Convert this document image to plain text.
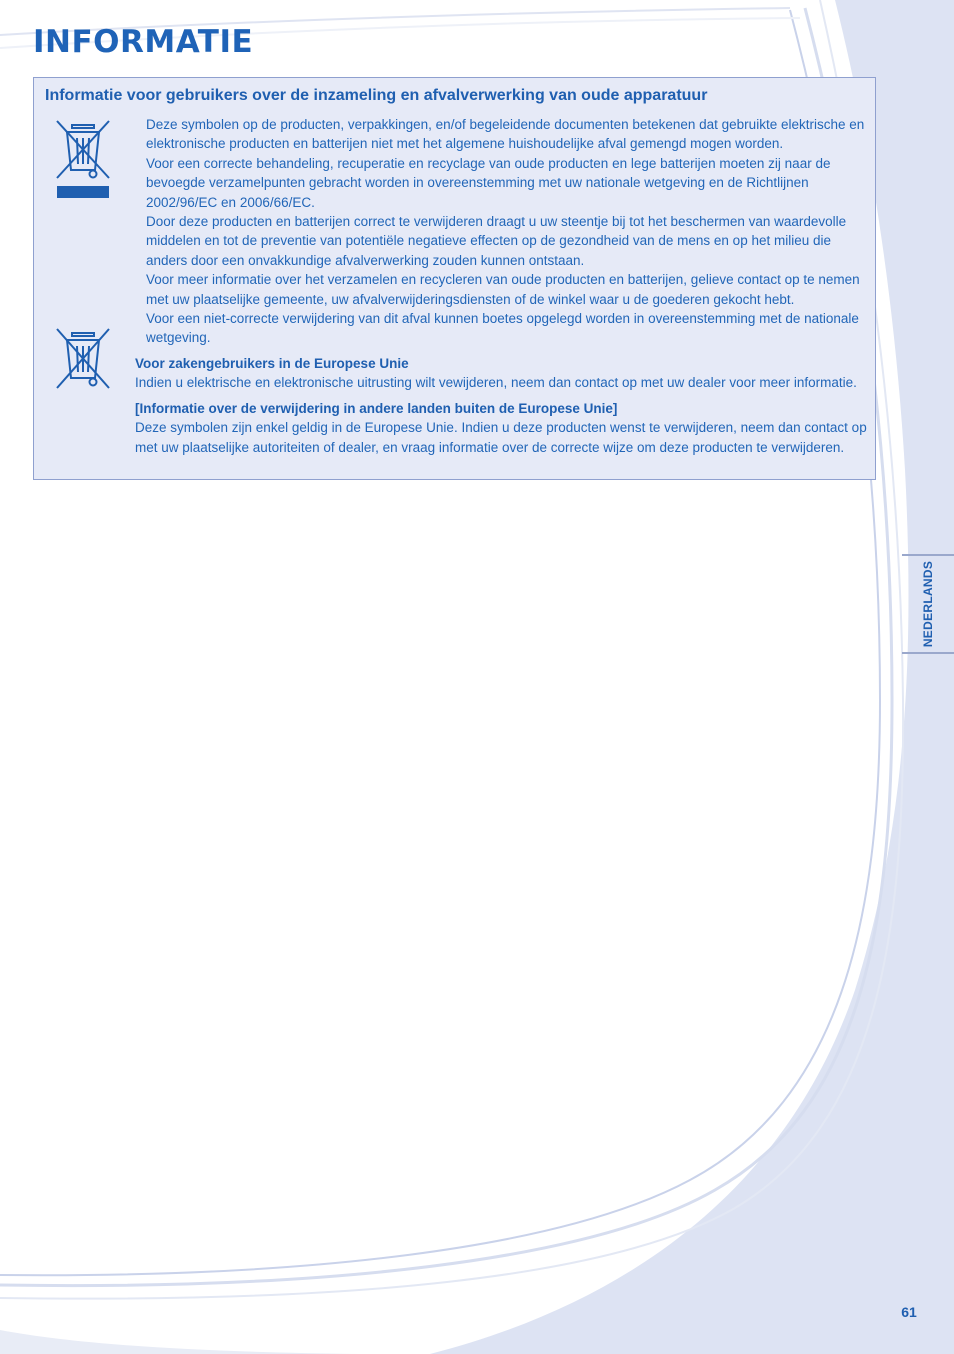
INFORMATIE
Informatie voor gebruikers over de inzameling en afvalverwerking van oude apparatuur

Deze symbolen op de producten, verpakkingen, en/of begeleidende documenten betekenen dat gebruikte elektrische en elektronische producten en batterijen niet met het algemene huishoudelijke afval gemengd mogen worden.

Voor een correcte behandeling, recuperatie en recyclage van oude producten en lege batterijen moeten zij naar de bevoegde verzamelpunten gebracht worden in overeenstemming met uw nationale wetgeving en de Richtlijnen 2002/96/EC en 2006/66/EC.

Door deze producten en batterijen correct te verwijderen draagt u uw steentje bij tot het beschermen van waardevolle middelen en tot de preventie van potentiële negatieve effecten op de gezondheid van de mens en op het milieu die anders door een onvakkundige afvalverwerking zouden kunnen ontstaan.

Voor meer informatie over het verzamelen en recycleren van oude producten en batterijen, gelieve contact op te nemen met uw plaatselijke gemeente, uw afvalverwijderingsdiensten of de winkel waar u de goederen gekocht hebt.

Voor een niet-correcte verwijdering van dit afval kunnen boetes opgelegd worden in overeenstemming met de nationale wetgeving.

Voor zakengebruikers in de Europese Unie

Indien u elektrische en elektronische uitrusting wilt vewijderen, neem dan contact op met uw dealer voor meer informatie.

[Informatie over de verwijdering in andere landen buiten de Europese Unie]

Deze symbolen zijn enkel geldig in de Europese Unie. Indien u deze producten wenst te verwijderen, neem dan contact op met uw plaatselijke autoriteiten of dealer, en vraag informatie over de correcte wijze om deze producten te verwijderen.

NEDERLANDS
61
